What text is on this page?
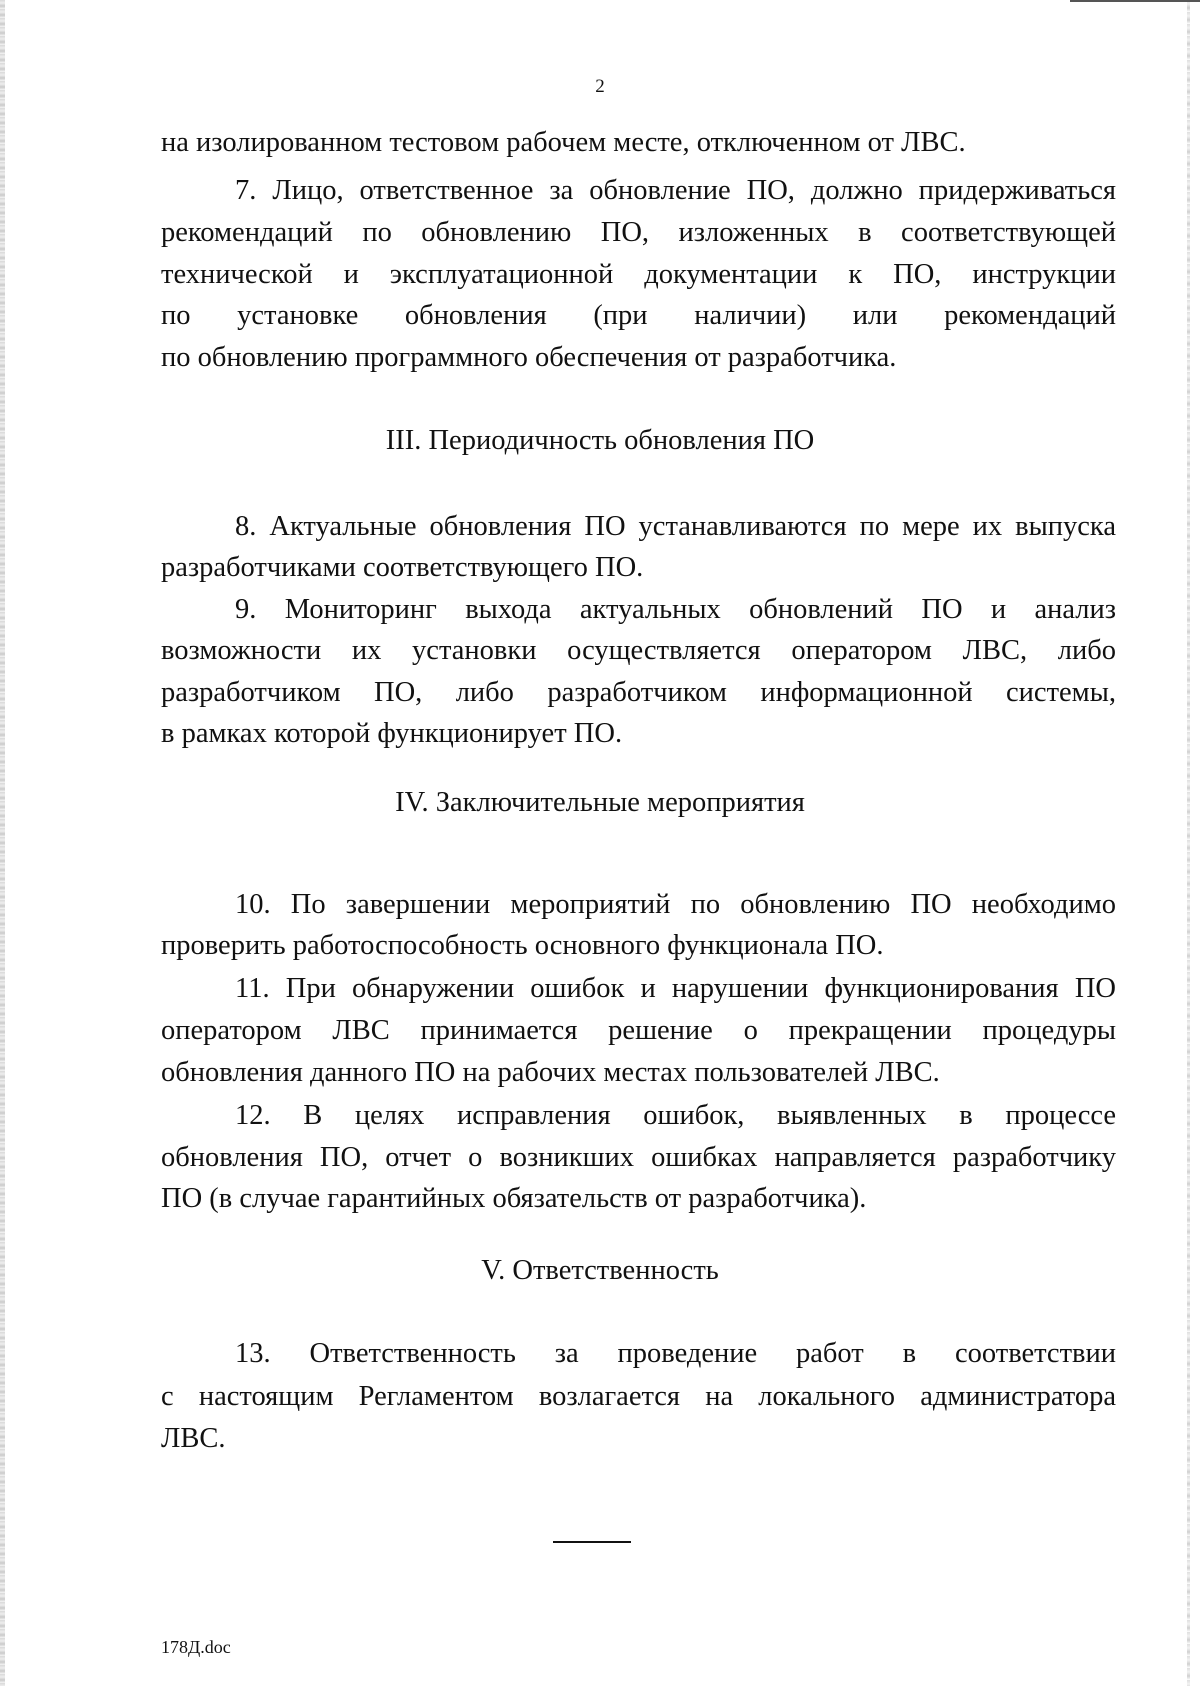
2
на изолированном тестовом рабочем месте, отключенном от ЛВС.
7. Лицо, ответственное за обновление ПО, должно придерживаться
рекомендаций по обновлению ПО, изложенных в соответствующей
технической и эксплуатационной документации к ПО, инструкции
по установке обновления (при наличии) или рекомендаций
по обновлению программного обеспечения от разработчика.
III. Периодичность обновления ПО
8. Актуальные обновления ПО устанавливаются по мере их выпуска
разработчиками соответствующего ПО.
9. Мониторинг выхода актуальных обновлений ПО и анализ
возможности их установки осуществляется оператором ЛВС, либо
разработчиком ПО, либо разработчиком информационной системы,
в рамках которой функционирует ПО.
IV. Заключительные мероприятия
10. По завершении мероприятий по обновлению ПО необходимо
проверить работоспособность основного функционала ПО.
11. При обнаружении ошибок и нарушении функционирования ПО
оператором ЛВС принимается решение о прекращении процедуры
обновления данного ПО на рабочих местах пользователей ЛВС.
12. В целях исправления ошибок, выявленных в процессе
обновления ПО, отчет о возникших ошибках направляется разработчику
ПО (в случае гарантийных обязательств от разработчика).
V. Ответственность
13. Ответственность за проведение работ в соответствии
с настоящим Регламентом возлагается на локального администратора
ЛВС.
178Д.doc
